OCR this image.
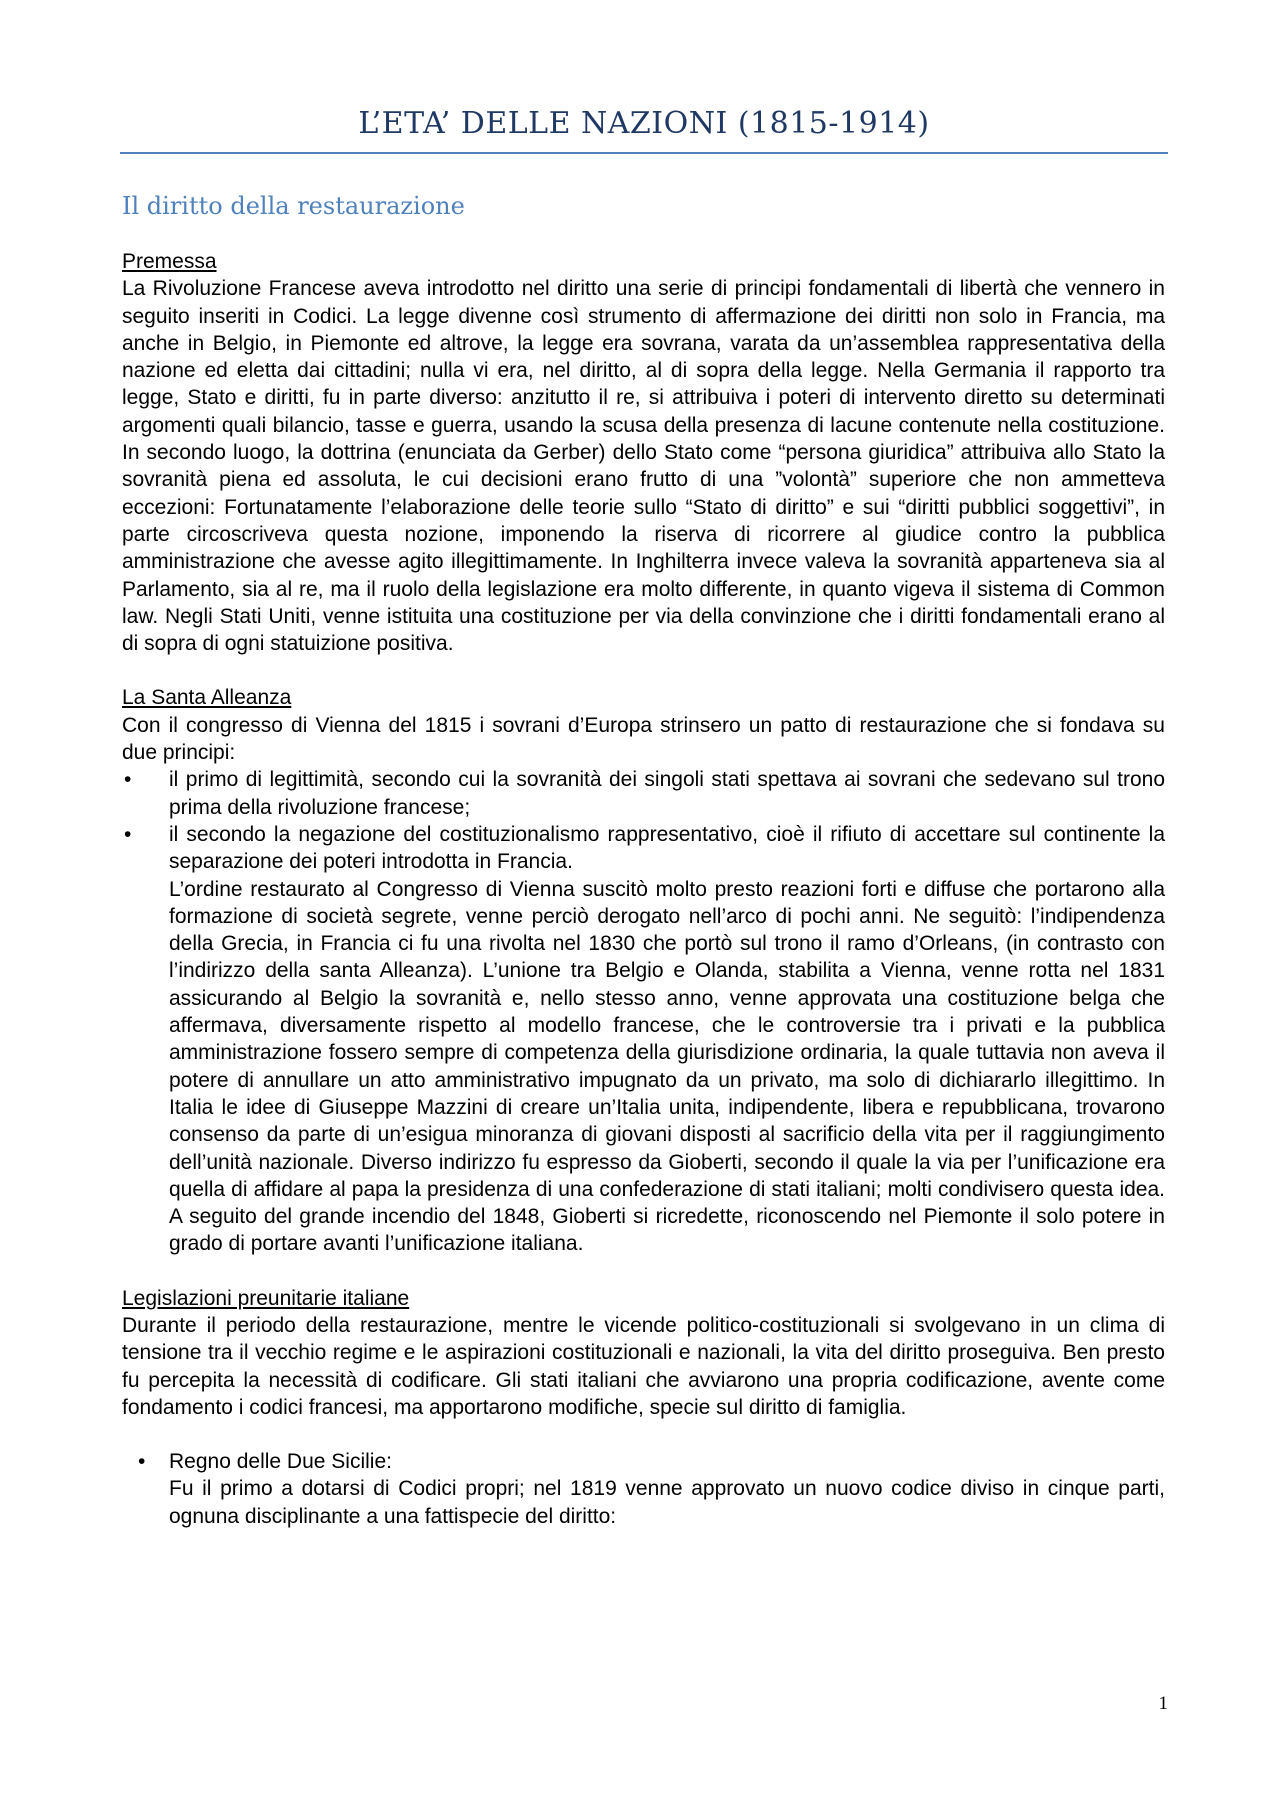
L’ETA’ DELLE NAZIONI (1815-1914)
Il diritto della restaurazione

Premessa

La Rivoluzione Francese aveva introdotto nel diritto una serie di principi fondamentali di libertà che vennero in seguito inseriti in Codici. La legge divenne così strumento di affermazione dei diritti non solo in Francia, ma anche in Belgio, in Piemonte ed altrove, la legge era sovrana, varata da un’assemblea rappresentativa della nazione ed eletta dai cittadini; nulla vi era, nel diritto, al di sopra della legge. Nella Germania il rapporto tra legge, Stato e diritti, fu in parte diverso: anzitutto il re, si attribuiva i poteri di intervento diretto su determinati argomenti quali bilancio, tasse e guerra, usando la scusa della presenza di lacune contenute nella costituzione. In secondo luogo, la dottrina (enunciata da Gerber) dello Stato come “persona giuridica” attribuiva allo Stato la sovranità piena ed assoluta, le cui decisioni erano frutto di una ”volontà” superiore che non ammetteva eccezioni: Fortunatamente l’elaborazione delle teorie sullo “Stato di diritto” e sui “diritti pubblici soggettivi”, in parte circoscriveva questa nozione, imponendo la riserva di ricorrere al giudice contro la pubblica amministrazione che avesse agito illegittimamente. In Inghilterra invece valeva la sovranità apparteneva sia al Parlamento, sia al re, ma il ruolo della legislazione era molto differente, in quanto vigeva il sistema di Common law. Negli Stati Uniti, venne istituita una costituzione per via della convinzione che i diritti fondamentali erano al di sopra di ogni statuizione positiva.

La Santa Alleanza

Con il congresso di Vienna del 1815 i sovrani d’Europa strinsero un patto di restaurazione che si fondava su due principi:

• il primo di legittimità, secondo cui la sovranità dei singoli stati spettava ai sovrani che sedevano sul trono prima della rivoluzione francese;
• il secondo la negazione del costituzionalismo rappresentativo, cioè il rifiuto di accettare sul continente la separazione dei poteri introdotta in Francia.
L’ordine restaurato al Congresso di Vienna suscitò molto presto reazioni forti e diffuse che portarono alla formazione di società segrete, venne perciò derogato nell’arco di pochi anni. Ne seguitò: l’indipendenza della Grecia, in Francia ci fu una rivolta nel 1830 che portò sul trono il ramo d’Orleans, (in contrasto con l’indirizzo della santa Alleanza). L’unione tra Belgio e Olanda, stabilita a Vienna, venne rotta nel 1831 assicurando al Belgio la sovranità e, nello stesso anno, venne approvata una costituzione belga che affermava, diversamente rispetto al modello francese, che le controversie tra i privati e la pubblica amministrazione fossero sempre di competenza della giurisdizione ordinaria, la quale tuttavia non aveva il potere di annullare un atto amministrativo impugnato da un privato, ma solo di dichiararlo illegittimo. In Italia le idee di Giuseppe Mazzini di creare un’Italia unita, indipendente, libera e repubblicana, trovarono consenso da parte di un’esigua minoranza di giovani disposti al sacrificio della vita per il raggiungimento dell’unità nazionale. Diverso indirizzo fu espresso da Gioberti, secondo il quale la via per l’unificazione era quella di affidare al papa la presidenza di una confederazione di stati italiani; molti condivisero questa idea. A seguito del grande incendio del 1848, Gioberti si ricredette, riconoscendo nel Piemonte il solo potere in grado di portare avanti l’unificazione italiana.

Legislazioni preunitarie italiane

Durante il periodo della restaurazione, mentre le vicende politico-costituzionali si svolgevano in un clima di tensione tra il vecchio regime e le aspirazioni costituzionali e nazionali, la vita del diritto proseguiva. Ben presto fu percepita la necessità di codificare. Gli stati italiani che avviarono una propria codificazione, avente come fondamento i codici francesi, ma apportarono modifiche, specie sul diritto di famiglia.

• Regno delle Due Sicilie:
Fu il primo a dotarsi di Codici propri; nel 1819 venne approvato un nuovo codice diviso in cinque parti, ognuna disciplinante a una fattispecie del diritto:
1
